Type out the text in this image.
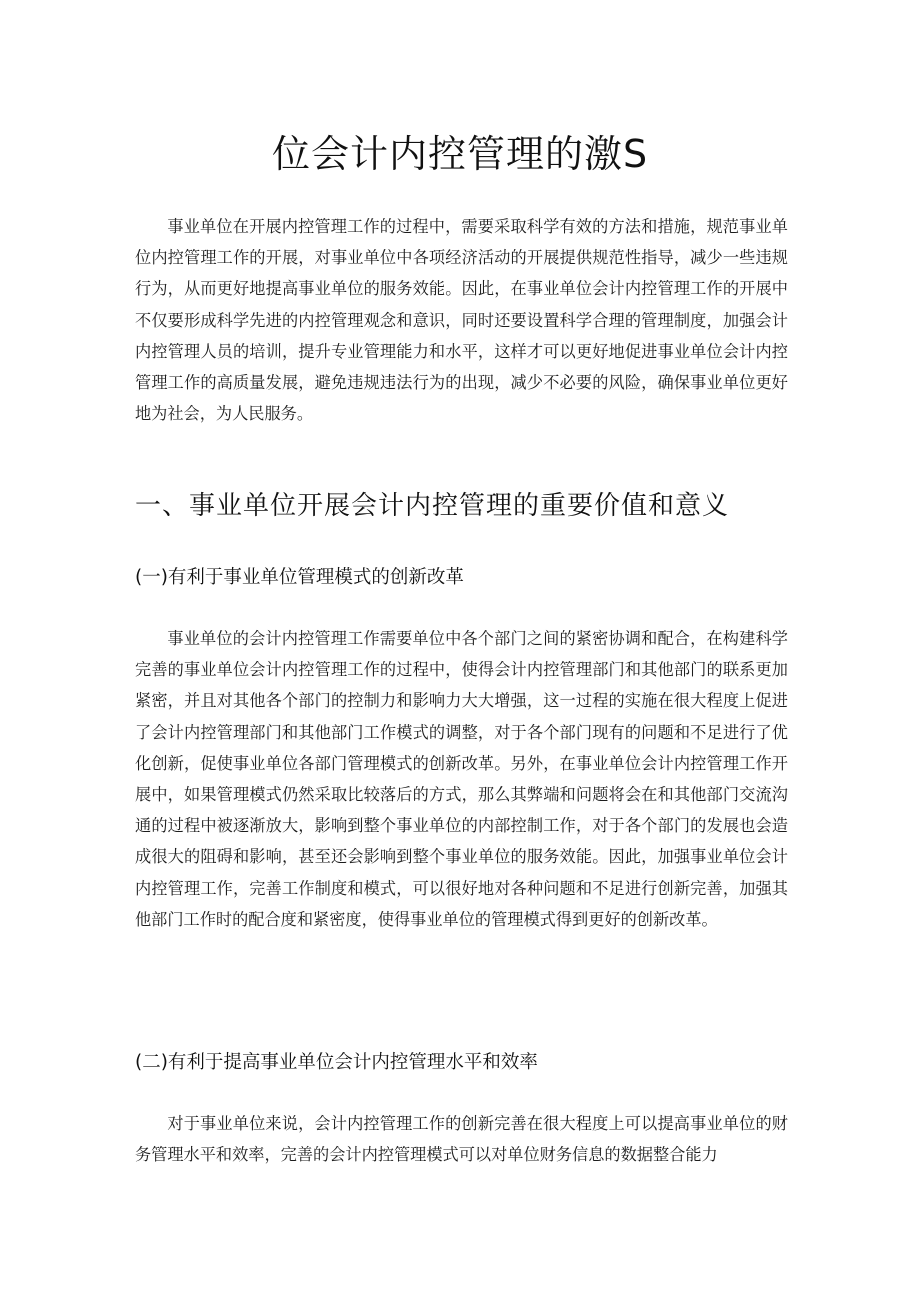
位会计内控管理的激S

事业单位在开展内控管理工作的过程中，需要采取科学有效的方法和措施，规范事业单位内控管理工作的开展，对事业单位中各项经济活动的开展提供规范性指导，减少一些违规行为，从而更好地提高事业单位的服务效能。因此，在事业单位会计内控管理工作的开展中不仅要形成科学先进的内控管理观念和意识，同时还要设置科学合理的管理制度，加强会计内控管理人员的培训，提升专业管理能力和水平，这样才可以更好地促进事业单位会计内控管理工作的高质量发展，避免违规违法行为的出现，减少不必要的风险，确保事业单位更好地为社会，为人民服务。

一、事业单位开展会计内控管理的重要价值和意义
(一)有利于事业单位管理模式的创新改革

事业单位的会计内控管理工作需要单位中各个部门之间的紧密协调和配合，在构建科学完善的事业单位会计内控管理工作的过程中，使得会计内控管理部门和其他部门的联系更加紧密，并且对其他各个部门的控制力和影响力大大增强，这一过程的实施在很大程度上促进了会计内控管理部门和其他部门工作模式的调整，对于各个部门现有的问题和不足进行了优化创新，促使事业单位各部门管理模式的创新改革。另外，在事业单位会计内控管理工作开展中，如果管理模式仍然采取比较落后的方式，那么其弊端和问题将会在和其他部门交流沟通的过程中被逐渐放大，影响到整个事业单位的内部控制工作，对于各个部门的发展也会造成很大的阻碍和影响，甚至还会影响到整个事业单位的服务效能。因此，加强事业单位会计内控管理工作，完善工作制度和模式，可以很好地对各种问题和不足进行创新完善，加强其他部门工作时的配合度和紧密度，使得事业单位的管理模式得到更好的创新改革。

(二)有利于提高事业单位会计内控管理水平和效率

对于事业单位来说，会计内控管理工作的创新完善在很大程度上可以提高事业单位的财务管理水平和效率，完善的会计内控管理模式可以对单位财务信息的数据整合能力
